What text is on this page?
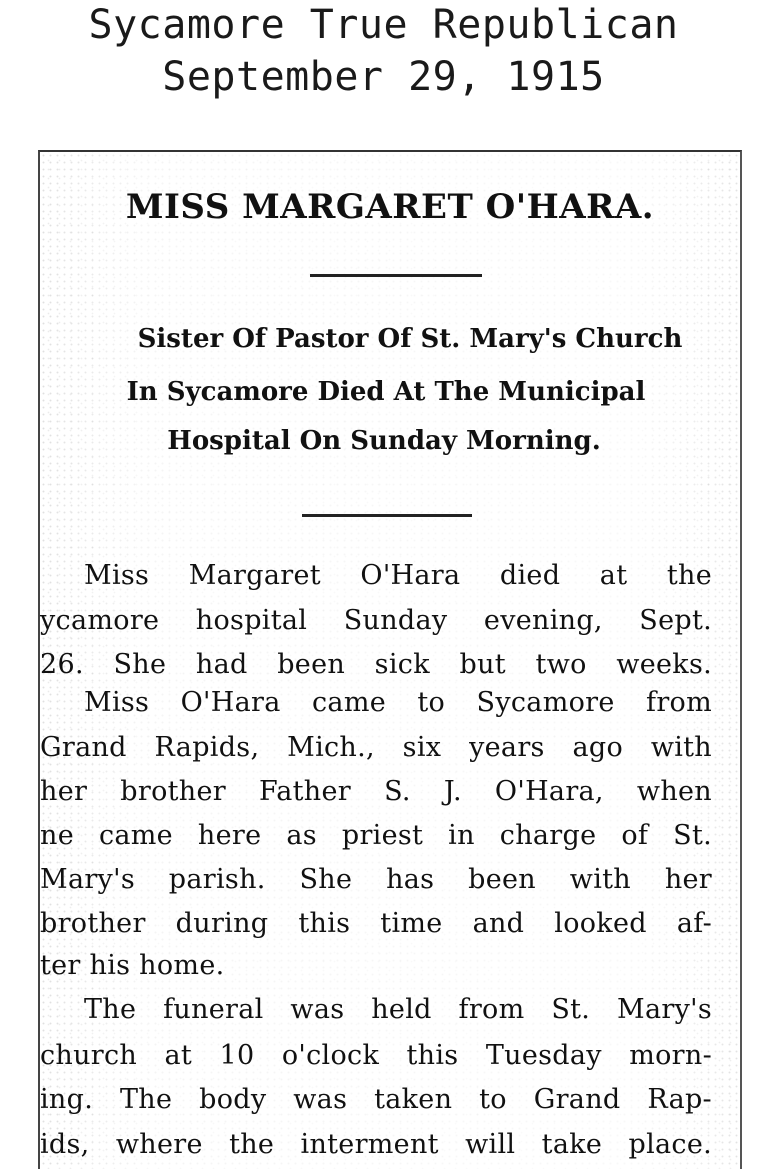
Sycamore True Republican
September 29, 1915
MISS MARGARET O'HARA.
Sister Of Pastor Of St. Mary's Church
In Sycamore Died At The Municipal
Hospital On Sunday Morning.
Miss Margaret O'Hara died at the
ycamore hospital Sunday evening, Sept.
26. She had been sick but two weeks.
Miss O'Hara came to Sycamore from
Grand Rapids, Mich., six years ago with
her brother Father S. J. O'Hara, when
ne came here as priest in charge of St.
Mary's parish. She has been with her
brother during this time and looked af-
ter his home.
The funeral was held from St. Mary's
church at 10 o'clock this Tuesday morn-
ing. The body was taken to Grand Rap-
ids, where the interment will take place.
